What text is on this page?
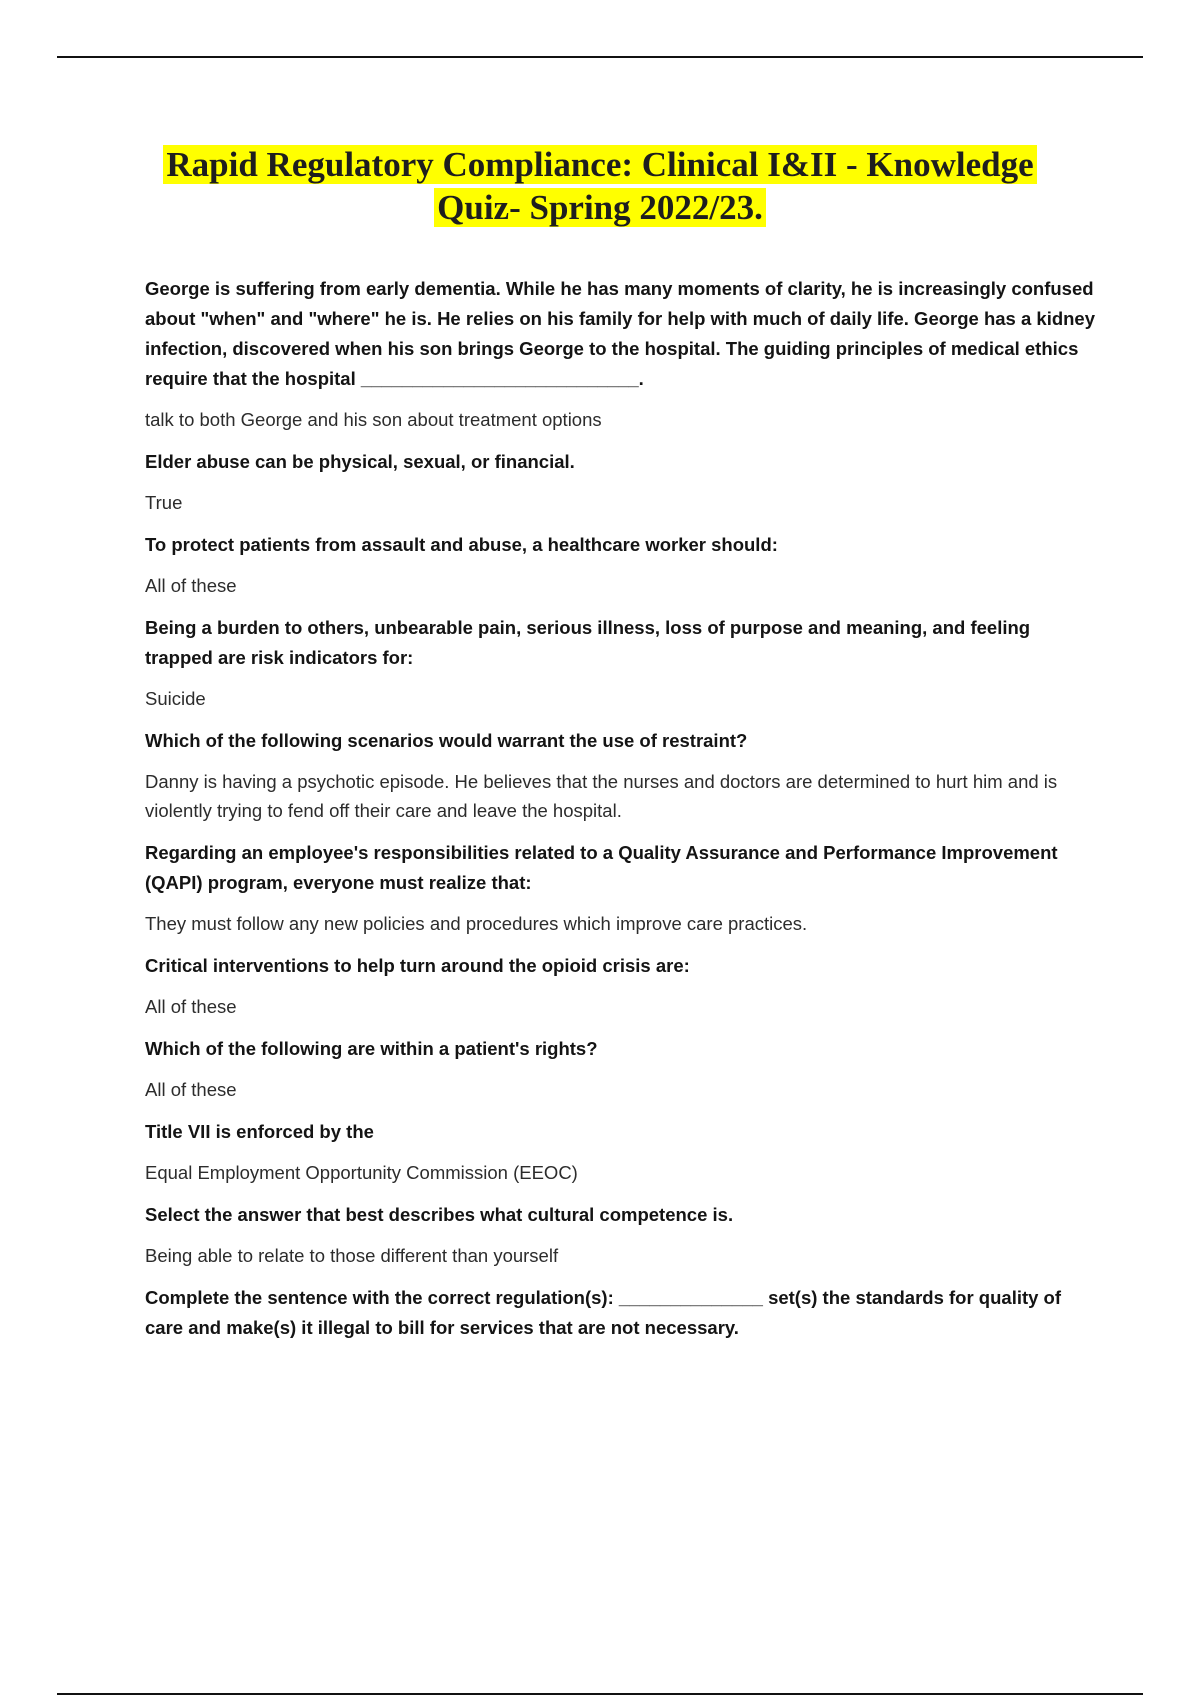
Rapid Regulatory Compliance: Clinical I&II - Knowledge
Quiz- Spring 2022/23.

George is suffering from early dementia. While he has many moments of clarity, he is increasingly confused about "when" and "where" he is. He relies on his family for help with much of daily life. George has a kidney infection, discovered when his son brings George to the hospital. The guiding principles of medical ethics require that the hospital ___________________________.

talk to both George and his son about treatment options

Elder abuse can be physical, sexual, or financial.

True

To protect patients from assault and abuse, a healthcare worker should:

All of these

Being a burden to others, unbearable pain, serious illness, loss of purpose and meaning, and feeling trapped are risk indicators for:

Suicide

Which of the following scenarios would warrant the use of restraint?

Danny is having a psychotic episode. He believes that the nurses and doctors are determined to hurt him and is violently trying to fend off their care and leave the hospital.

Regarding an employee's responsibilities related to a Quality Assurance and Performance Improvement (QAPI) program, everyone must realize that:

They must follow any new policies and procedures which improve care practices.

Critical interventions to help turn around the opioid crisis are:

All of these

Which of the following are within a patient's rights?

All of these

Title VII is enforced by the

Equal Employment Opportunity Commission (EEOC)

Select the answer that best describes what cultural competence is.

Being able to relate to those different than yourself

Complete the sentence with the correct regulation(s): ______________ set(s) the standards for quality of care and make(s) it illegal to bill for services that are not necessary.
